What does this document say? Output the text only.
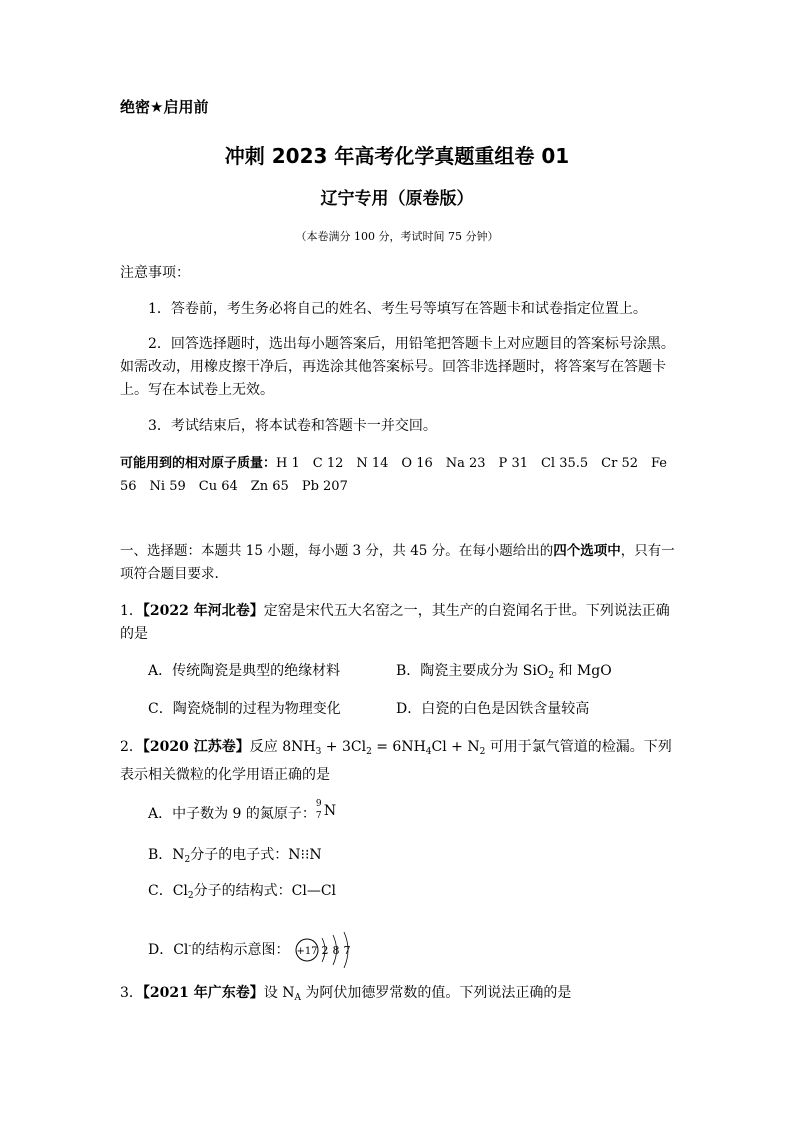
绝密★启用前
冲刺 2023 年高考化学真题重组卷 01
辽宁专用（原卷版）
（本卷满分 100 分，考试时间 75 分钟）
注意事项：
1．答卷前，考生务必将自己的姓名、考生号等填写在答题卡和试卷指定位置上。
2．回答选择题时，选出每小题答案后，用铅笔把答题卡上对应题目的答案标号涂黑。如需改动，用橡皮擦干净后，再选涂其他答案标号。回答非选择题时，将答案写在答题卡上。写在本试卷上无效。
3．考试结束后，将本试卷和答题卡一并交回。
可能用到的相对原子质量：H 1　C 12　N 14　O 16　Na 23　P 31　Cl 35.5　Cr 52　Fe 56　Ni 59　Cu 64　Zn 65　Pb 207
一、选择题：本题共 15 小题，每小题 3 分，共 45 分。在每小题给出的四个选项中，只有一项符合题目要求.
1．【2022 年河北卷】定窑是宋代五大名窑之一，其生产的白瓷闻名于世。下列说法正确的是
A．传统陶瓷是典型的绝缘材料	B．陶瓷主要成分为 SiO$_2$ 和 MgO
C．陶瓷烧制的过程为物理变化	D．白瓷的白色是因铁含量较高
2．【2020 江苏卷】反应 $8NH_3 + 3Cl_2 = 6NH_4Cl + N_2$ 可用于氯气管道的检漏。下列表示相关微粒的化学用语正确的是
A．中子数为 9 的氮原子：
9
7 N
B．$N_2$分子的电子式：N⁝⁝N
C．$Cl_2$分子的结构式：Cl—Cl
D．Cl-的结构示意图： +17 2 8 7
3．【2021 年广东卷】设 $N_A$ 为阿伏加德罗常数的值。下列说法正确的是
